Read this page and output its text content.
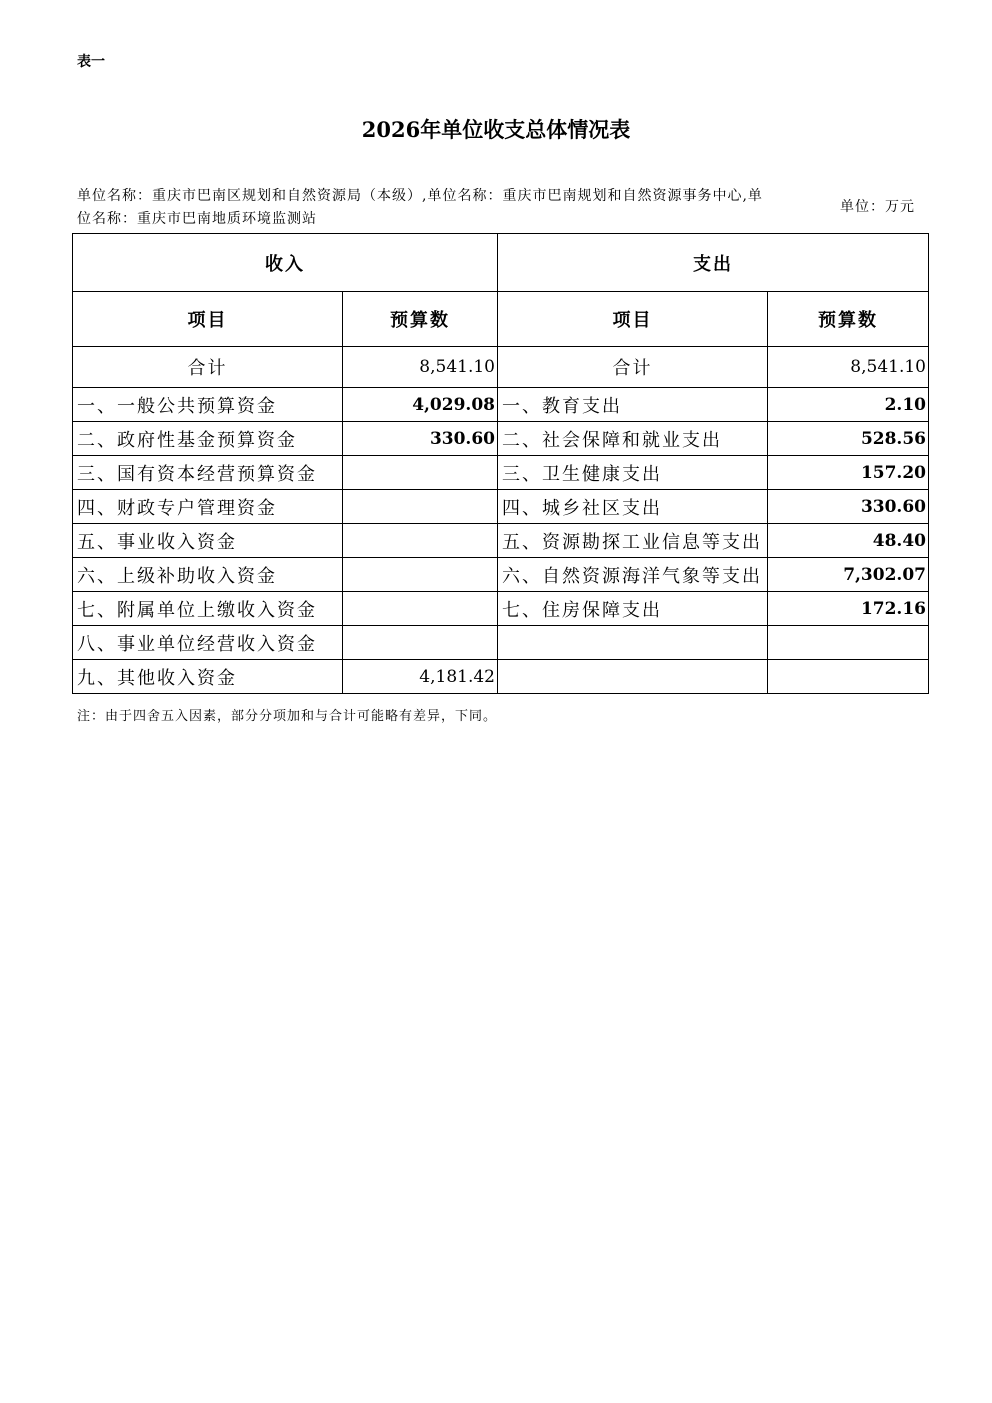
表一
2026年单位收支总体情况表
单位名称：重庆市巴南区规划和自然资源局（本级）,单位名称：重庆市巴南规划和自然资源事务中心,单位名称：重庆市巴南地质环境监测站
单位：万元
收入		支出	
项目	预算数	项目	预算数
合计	8,541.10	合计	8,541.10
一、一般公共预算资金	4,029.08	一、教育支出	2.10
二、政府性基金预算资金	330.60	二、社会保障和就业支出	528.56
三、国有资本经营预算资金		三、卫生健康支出	157.20
四、财政专户管理资金		四、城乡社区支出	330.60
五、事业收入资金		五、资源勘探工业信息等支出	48.40
六、上级补助收入资金		六、自然资源海洋气象等支出	7,302.07
七、附属单位上缴收入资金		七、住房保障支出	172.16
八、事业单位经营收入资金			
九、其他收入资金	4,181.42		
注：由于四舍五入因素，部分分项加和与合计可能略有差异，下同。
